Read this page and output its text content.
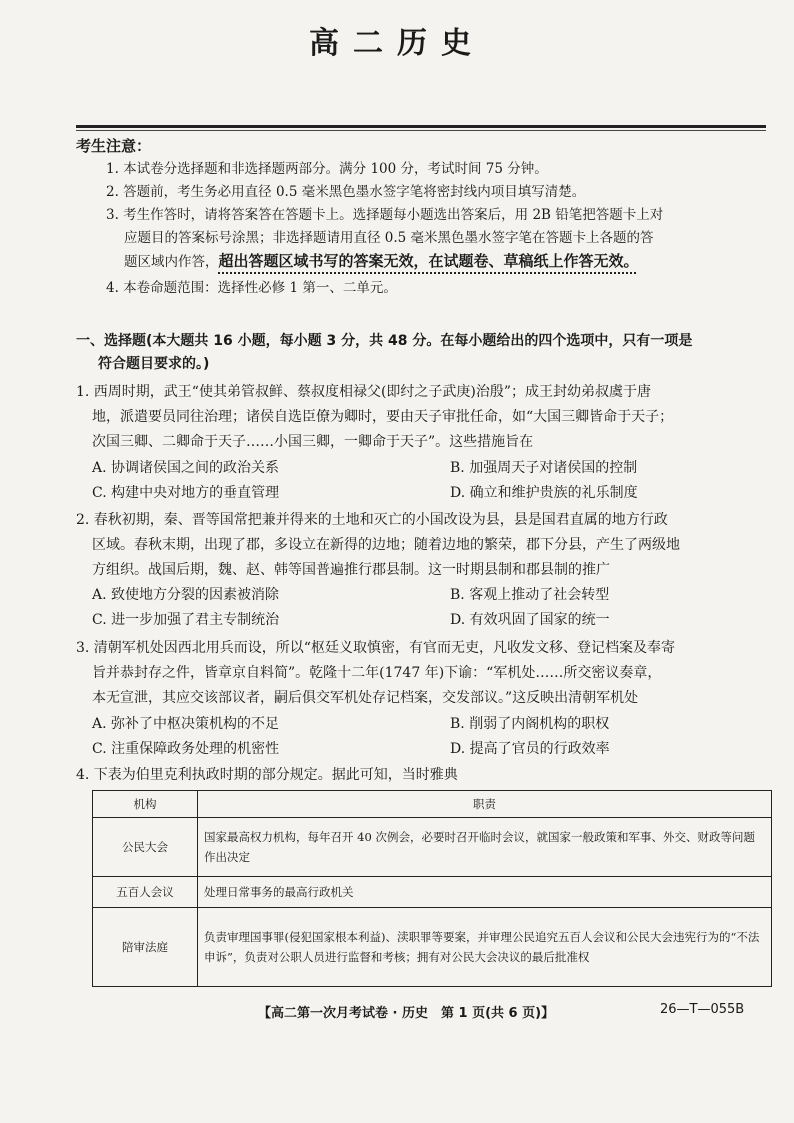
高二历史
考生注意：
1. 本试卷分选择题和非选择题两部分。满分 100 分，考试时间 75 分钟。
2. 答题前，考生务必用直径 0.5 毫米黑色墨水签字笔将密封线内项目填写清楚。
3. 考生作答时，请将答案答在答题卡上。选择题每小题选出答案后，用 2B 铅笔把答题卡上对
应题目的答案标号涂黑；非选择题请用直径 0.5 毫米黑色墨水签字笔在答题卡上各题的答
题区域内作答，超出答题区域书写的答案无效，在试题卷、草稿纸上作答无效。
4. 本卷命题范围：选择性必修 1 第一、二单元。
一、选择题(本大题共 16 小题，每小题 3 分，共 48 分。在每小题给出的四个选项中，只有一项是
符合题目要求的。)
1. 西周时期，武王“使其弟管叔鲜、蔡叔度相禄父(即纣之子武庚)治殷”；成王封幼弟叔虞于唐
地，派遣要员同往治理；诸侯自选臣僚为卿时，要由天子审批任命，如“大国三卿皆命于天子；
次国三卿、二卿命于天子……小国三卿，一卿命于天子”。这些措施旨在
A. 协调诸侯国之间的政治关系	B. 加强周天子对诸侯国的控制
C. 构建中央对地方的垂直管理	D. 确立和维护贵族的礼乐制度
2. 春秋初期，秦、晋等国常把兼并得来的土地和灭亡的小国改设为县，县是国君直属的地方行政
区域。春秋末期，出现了郡，多设立在新得的边地；随着边地的繁荣，郡下分县，产生了两级地
方组织。战国后期，魏、赵、韩等国普遍推行郡县制。这一时期县制和郡县制的推广
A. 致使地方分裂的因素被消除	B. 客观上推动了社会转型
C. 进一步加强了君主专制统治	D. 有效巩固了国家的统一
3. 清朝军机处因西北用兵而设，所以“枢廷义取慎密，有官而无吏，凡收发文移、登记档案及奉寄
旨并恭封存之件，皆章京自料简”。乾隆十二年(1747 年)下谕：“军机处……所交密议奏章，
本无宣泄，其应交该部议者，嗣后俱交军机处存记档案，交发部议。”这反映出清朝军机处
A. 弥补了中枢决策机构的不足	B. 削弱了内阁机构的职权
C. 注重保障政务处理的机密性	D. 提高了官员的行政效率
4. 下表为伯里克利执政时期的部分规定。据此可知，当时雅典
机构	职责
公民大会	国家最高权力机构，每年召开 40 次例会，必要时召开临时会议，就国家一般政策和军事、外交、财政等问题作出决定
五百人会议	处理日常事务的最高行政机关
陪审法庭	负责审理国事罪(侵犯国家根本利益)、渎职罪等要案，并审理公民追究五百人会议和公民大会违宪行为的“不法申诉”，负责对公职人员进行监督和考核；拥有对公民大会决议的最后批准权
【高二第一次月考试卷 · 历史　第 1 页(共 6 页)】	26—T—055B
